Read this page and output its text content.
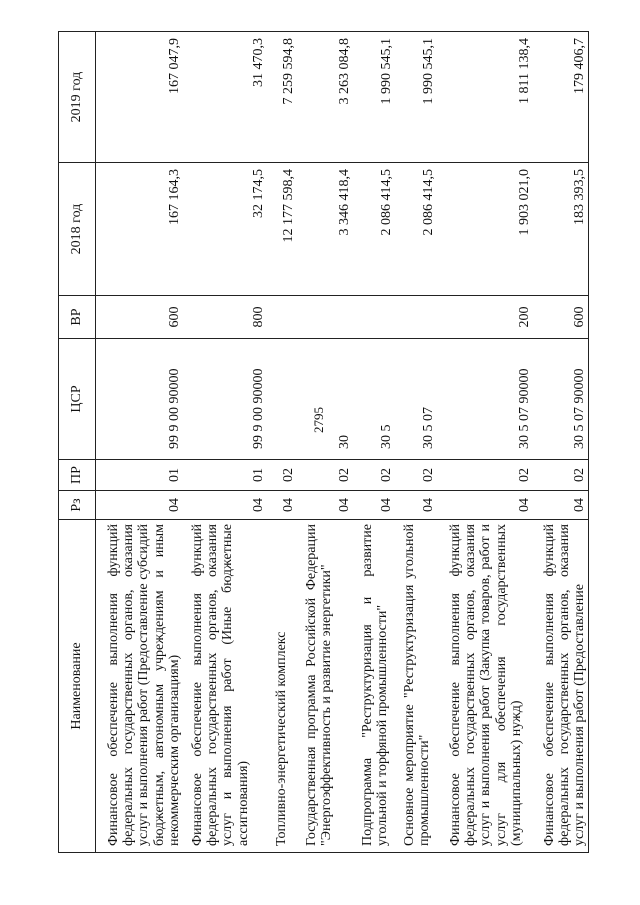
2795
Наименование	Рз	ПР	ЦСР	ВР	2018 год	2019 год
Финансовое обеспечение выполнения функций федеральных государственных органов, оказания услуг и выполнения работ (Предоставление субсидий бюджетным, автономным учреждениям и иным некоммерческим организациям)	04	01	99 9 00 90000	600	167 164,3	167 047,9
Финансовое обеспечение выполнения функций федеральных государственных органов, оказания услуг и выполнения работ (Иные бюджетные ассигнования)	04	01	99 9 00 90000	800	32 174,5	31 470,3
Топливно-энергетический комплекс	04	02			12 177 598,4	7 259 594,8
Государственная программа Российской Федерации "Энергоэффективность и развитие энергетики"	04	02	30		3 346 418,4	3 263 084,8
Подпрограмма "Реструктуризация и развитие угольной и торфяной промышленности"	04	02	30 5		2 086 414,5	1 990 545,1
Основное мероприятие "Реструктуризация угольной промышленности"	04	02	30 5 07		2 086 414,5	1 990 545,1
Финансовое обеспечение выполнения функций федеральных государственных органов, оказания услуг и выполнения работ (Закупка товаров, работ и услуг для обеспечения государственных (муниципальных) нужд)	04	02	30 5 07 90000	200	1 903 021,0	1 811 138,4
Финансовое обеспечение выполнения функций федеральных государственных органов, оказания услуг и выполнения работ (Предоставление	04	02	30 5 07 90000	600	183 393,5	179 406,7
